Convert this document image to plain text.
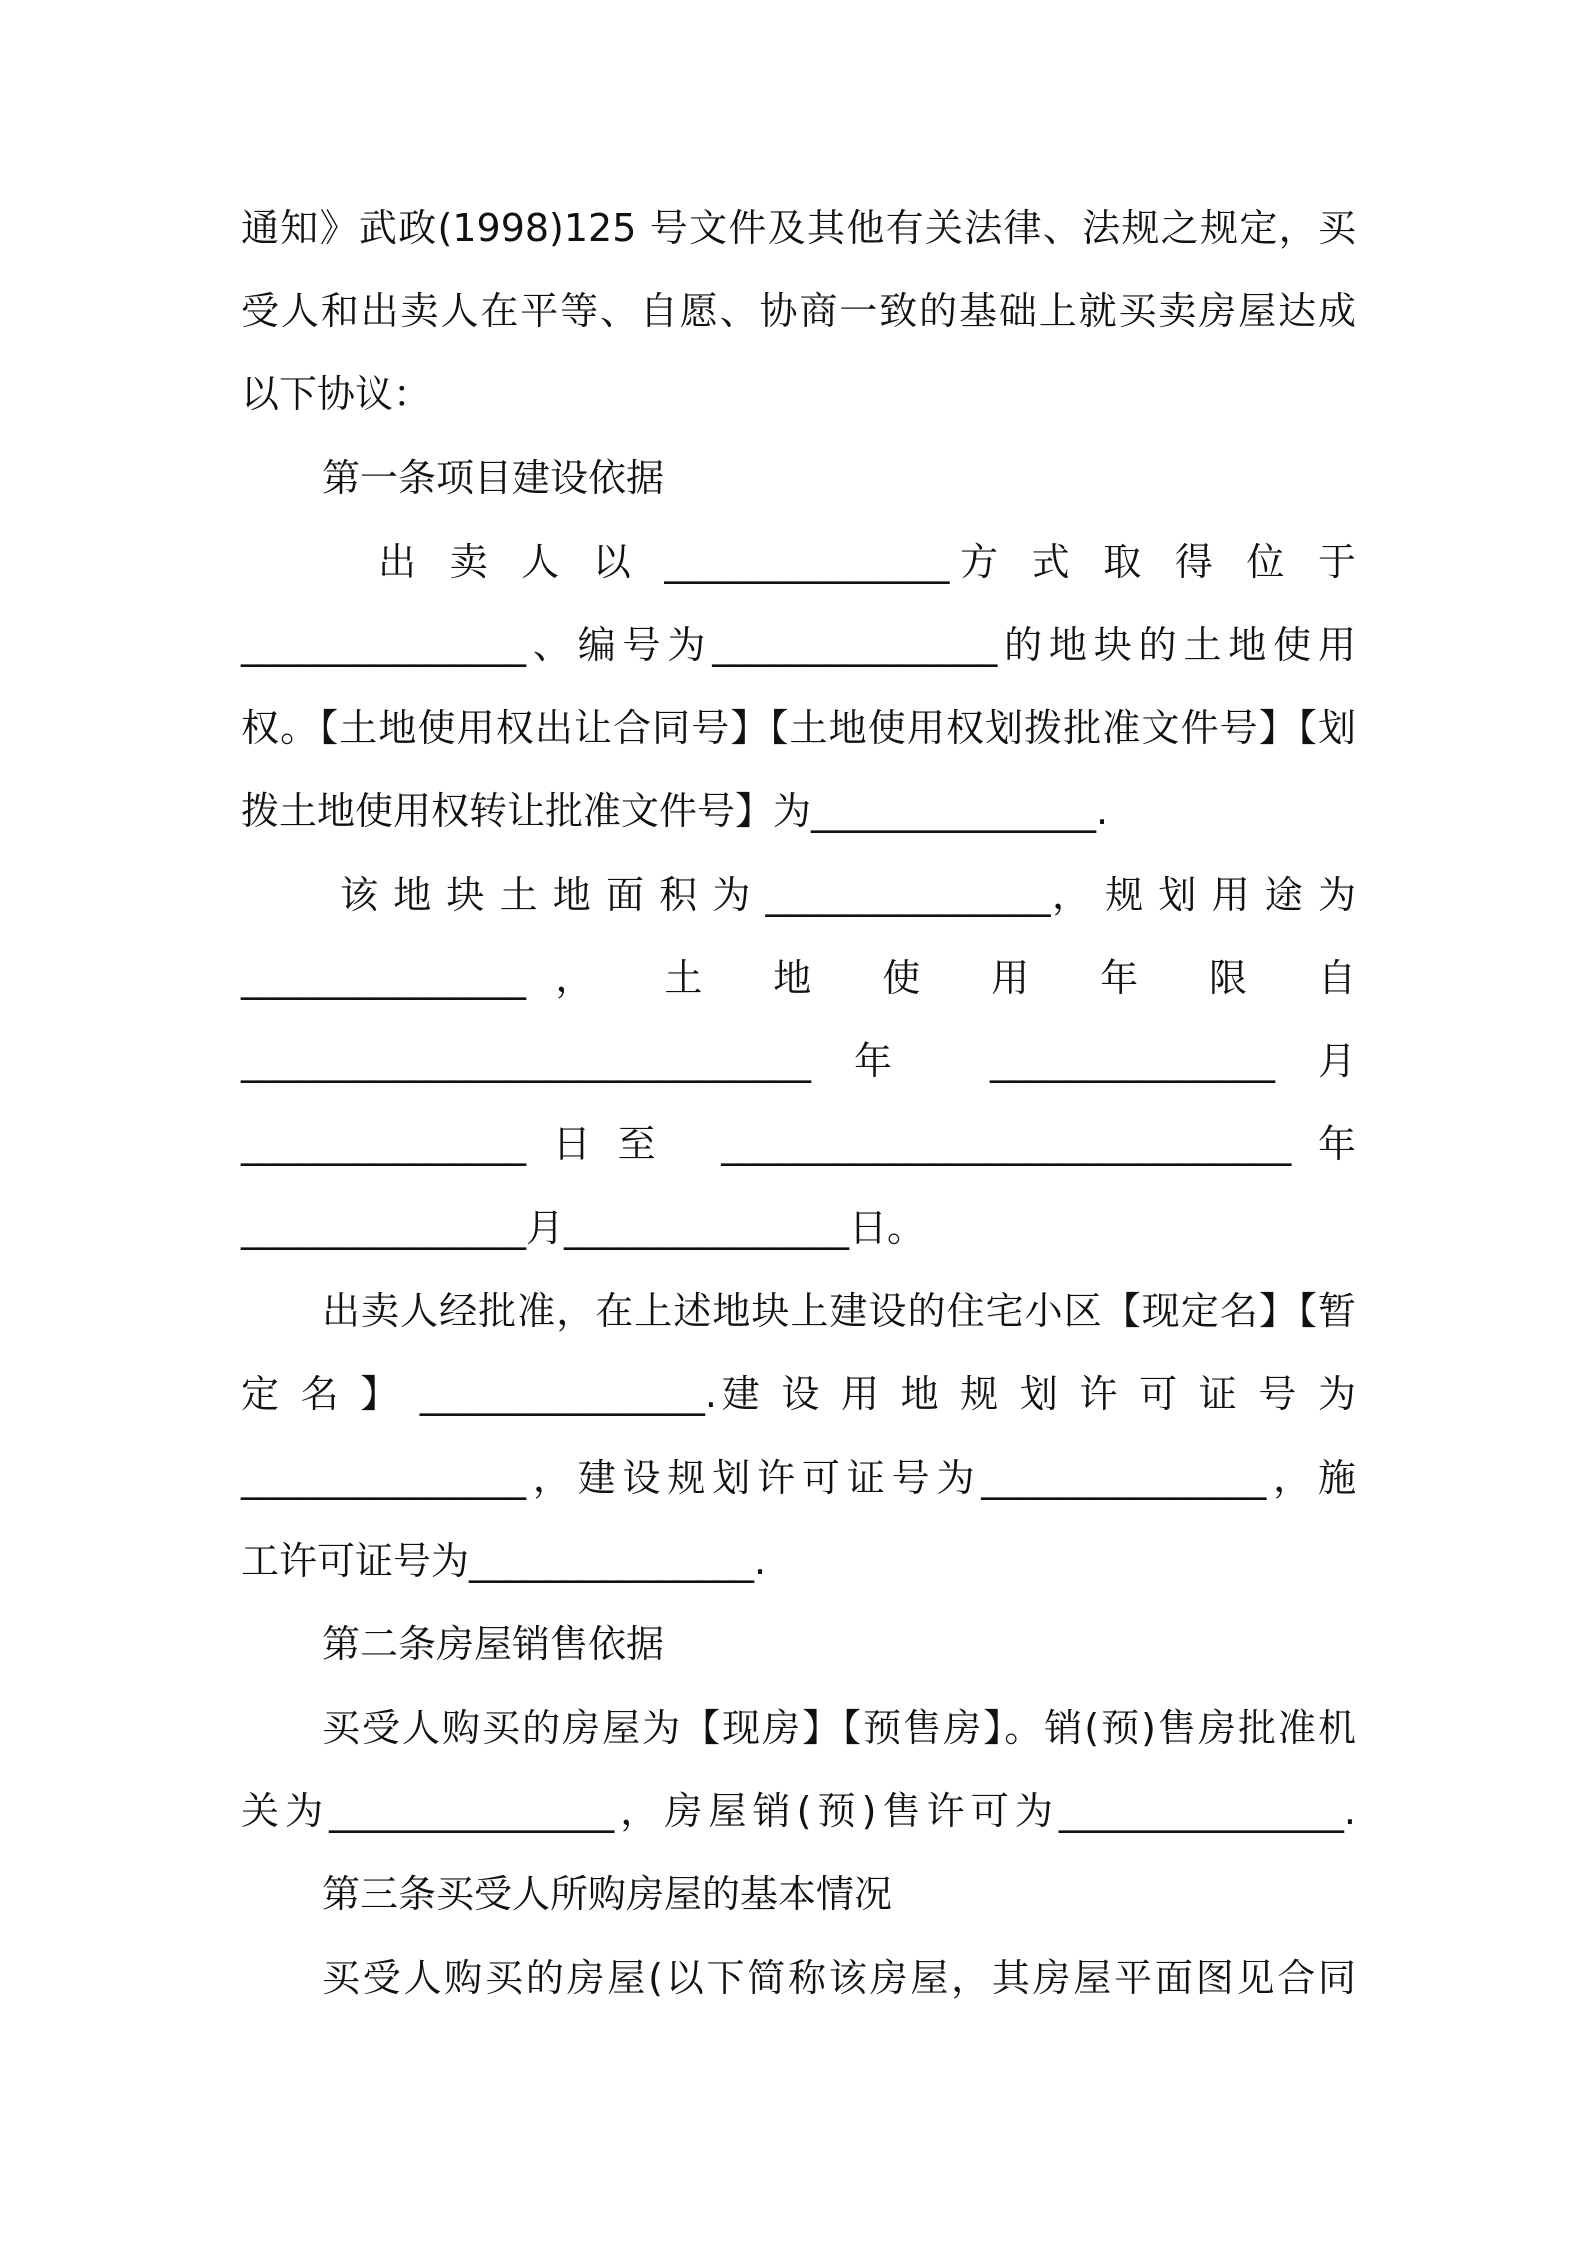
通知》武政(1998)125 号文件及其他有关法律、法规之规定，买

受人和出卖人在平等、自愿、协商一致的基础上就买卖房屋达成

以下协议：

第一条项目建设依据

出 卖 人 以 _______________方 式 取 得 位 于

_______________、编号为_______________的地块的土地使用

权。【土地使用权出让合同号】【土地使用权划拨批准文件号】【划

拨土地使用权转让批准文件号】为_______________.

该 地 块 土 地 面 积 为 _______________， 规 划 用 途 为

_______________， 土 地 使 用 年 限 自

______________________________年 _______________月

_______________日至 ______________________________年

_______________月_______________日。

出卖人经批准，在上述地块上建设的住宅小区【现定名】【暂

定 名 】 _______________.建 设 用 地 规 划 许 可 证 号 为

_______________，建设规划许可证号为_______________，施

工许可证号为_______________.

第二条房屋销售依据

买受人购买的房屋为【现房】【预售房】。销(预)售房批准机

关为_______________，房屋销(预)售许可为_______________.

第三条买受人所购房屋的基本情况

买受人购买的房屋(以下简称该房屋，其房屋平面图见合同
